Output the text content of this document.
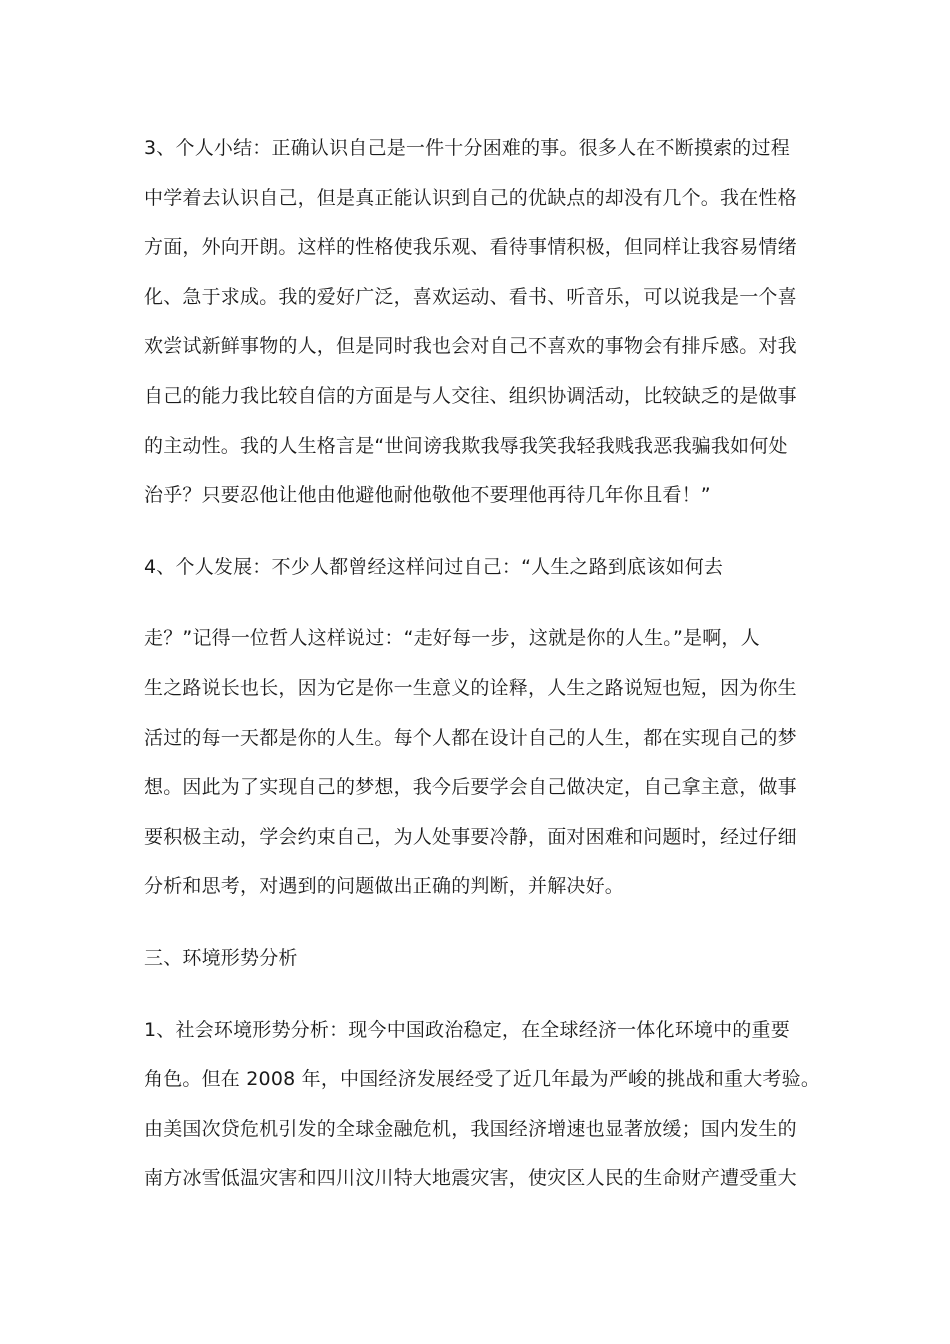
3、个人小结：正确认识自己是一件十分困难的事。很多人在不断摸索的过程
中学着去认识自己，但是真正能认识到自己的优缺点的却没有几个。我在性格
方面，外向开朗。这样的性格使我乐观、看待事情积极，但同样让我容易情绪
化、急于求成。我的爱好广泛，喜欢运动、看书、听音乐，可以说我是一个喜
欢尝试新鲜事物的人，但是同时我也会对自己不喜欢的事物会有排斥感。对我
自己的能力我比较自信的方面是与人交往、组织协调活动，比较缺乏的是做事
的主动性。我的人生格言是“世间谤我欺我辱我笑我轻我贱我恶我骗我如何处
治乎？只要忍他让他由他避他耐他敬他不要理他再待几年你且看！”
4、个人发展：不少人都曾经这样问过自己：“人生之路到底该如何去
走？”记得一位哲人这样说过：“走好每一步，这就是你的人生。”是啊，人
生之路说长也长，因为它是你一生意义的诠释，人生之路说短也短，因为你生
活过的每一天都是你的人生。每个人都在设计自己的人生，都在实现自己的梦
想。因此为了实现自己的梦想，我今后要学会自己做决定，自己拿主意，做事
要积极主动，学会约束自己，为人处事要冷静，面对困难和问题时，经过仔细
分析和思考，对遇到的问题做出正确的判断，并解决好。
三、环境形势分析
1、社会环境形势分析：现今中国政治稳定，在全球经济一体化环境中的重要
角色。但在 2008 年，中国经济发展经受了近几年最为严峻的挑战和重大考验。
由美国次贷危机引发的全球金融危机，我国经济增速也显著放缓；国内发生的
南方冰雪低温灾害和四川汶川特大地震灾害，使灾区人民的生命财产遭受重大
